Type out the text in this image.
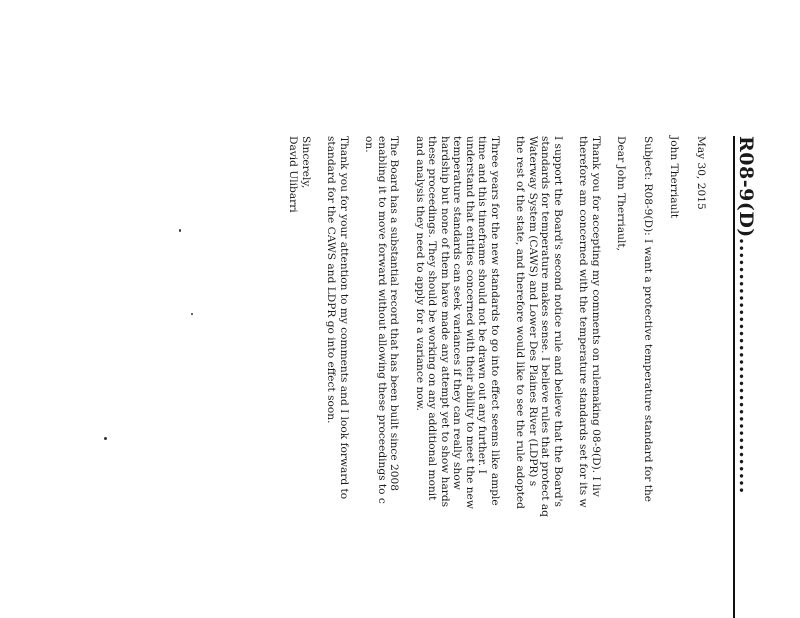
R08-9(D)....................................
May 30, 2015
John Therriault
Subject: R08-9(D): I want a protective temperature standard for the
Dear John Therriault,
Thank you for accepting my comments on rulemaking 08-9(D). I liv
therefore am concerned with the temperature standards set for its w
I support the Board's second notice rule and believe that the Board's
standards for temperature makes sense. I believe rules that protect aq
Waterway System (CAWS) and Lower Des Plaines River (LDPR) s
the rest of the state, and therefore would like to see the rule adopted
Three years for the new standards to go into effect seems like ample
time and this timeframe should not be drawn out any further. I
understand that entities concerned with their ability to meet the new
temperature standards can seek variances if they can really show
hardship but none of them have made any attempt yet to show hards
these proceedings. They should be working on any additional monit
and analysis they need to apply for a variance now.
The Board has a substantial record that has been built since 2008
enabling it to move forward without allowing these proceedings to c
on.
Thank you for your attention to my comments and I look forward to
standard for the CAWS and LDPR go into effect soon.
Sincerely,
David Ulibarri
